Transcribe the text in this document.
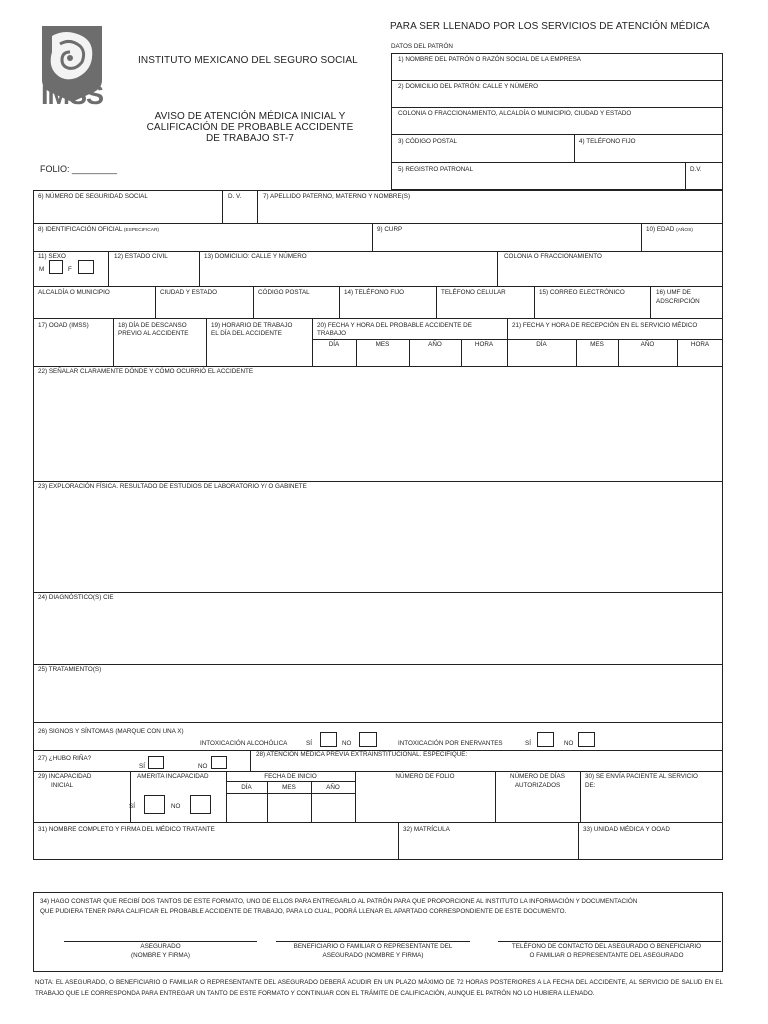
IMSS
INSTITUTO MEXICANO DEL SEGURO SOCIAL
AVISO DE ATENCIÓN MÉDICA INICIAL Y
CALIFICACIÓN DE PROBABLE ACCIDENTE
DE TRABAJO ST-7
FOLIO: _________
PARA SER LLENADO POR LOS SERVICIOS DE ATENCIÓN MÉDICA
DATOS DEL PATRÓN
1) NOMBRE DEL PATRÓN O RAZÓN SOCIAL DE LA EMPRESA
2) DOMICILIO DEL PATRÓN: CALLE Y NÚMERO
COLONIA O FRACCIONAMIENTO, ALCALDÍA O MUNICIPIO, CIUDAD Y ESTADO
3) CÓDIGO POSTAL	4) TELÉFONO FIJO
5) REGISTRO PATRONAL	D.V.
6) NÚMERO DE SEGURIDAD SOCIAL	D. V.	7) APELLIDO PATERNO, MATERNO Y NOMBRE(S)
8) IDENTIFICACIÓN OFICIAL (ESPECIFICAR)	9) CURP	10) EDAD (AÑOS)
11) SEXO
M	F
12) ESTADO CIVIL	13) DOMICILIO: CALLE Y NÚMERO	COLONIA O FRACCIONAMIENTO
ALCALDÍA O MUNICIPIO	CIUDAD Y ESTADO	CÓDIGO POSTAL	14) TELÉFONO FIJO	TELÉFONO CELULAR	15) CORREO ELECTRÓNICO	16) UMF DE
ADSCRIPCIÓN
17) OOAD (IMSS)	18) DÍA DE DESCANSO
PREVIO AL ACCIDENTE
19) HORARIO DE TRABAJO
EL DÍA DEL ACCIDENTE
20) FECHA Y HORA DEL PROBABLE ACCIDENTE DE
TRABAJO
21) FECHA Y HORA DE RECEPCIÓN EN EL SERVICIO MÉDICO
DÍA	MES	AÑO	HORA	DÍA	MES	AÑO	HORA
22) SEÑALAR CLARAMENTE DÓNDE Y CÓMO OCURRIÓ EL ACCIDENTE
23) EXPLORACIÓN FÍSICA. RESULTADO DE ESTUDIOS DE LABORATORIO Y/ O GABINETE
24) DIAGNÓSTICO(S) CIE
25) TRATAMIENTO(S)
26) SIGNOS Y SÍNTOMAS (MARQUE CON UNA X)
INTOXICACIÓN ALCOHÓLICA	SÍ	NO	INTOXICACIÓN POR ENERVANTES	SÍ	NO
27) ¿HUBO RIÑA?
SÍ	NO
28) ATENCIÓN MÉDICA PREVIA EXTRAINSTITUCIONAL. ESPECIFIQUE:
29) INCAPACIDAD
INICIAL
AMERITA INCAPACIDAD
SÍ	NO
FECHA DE INICIO
DÍA	MES	AÑO
NÚMERO DE FOLIO	NÚMERO DE DÍAS
AUTORIZADOS
30) SE ENVÍA PACIENTE AL SERVICIO
DE:
31) NOMBRE COMPLETO Y FIRMA DEL MÉDICO TRATANTE	32) MATRÍCULA	33) UNIDAD MÉDICA Y OOAD
34) HAGO CONSTAR QUE RECIBÍ DOS TANTOS DE ESTE FORMATO, UNO DE ELLOS PARA ENTREGARLO AL PATRÓN PARA QUE PROPORCIONE AL INSTITUTO LA INFORMACIÓN Y DOCUMENTACIÓN
QUE PUDIERA TENER PARA CALIFICAR EL PROBABLE ACCIDENTE DE TRABAJO, PARA LO CUAL, PODRÁ LLENAR EL APARTADO CORRESPONDIENTE DE ESTE DOCUMENTO.
ASEGURADO
(NOMBRE Y FIRMA)
BENEFICIARIO O FAMILIAR O REPRESENTANTE DEL
ASEGURADO (NOMBRE Y FIRMA)
TELÉFONO DE CONTACTO DEL ASEGURADO O BENEFICIARIO
O FAMILIAR O REPRESENTANTE DEL ASEGURADO
NOTA: EL ASEGURADO, O BENEFICIARIO O FAMILIAR O REPRESENTANTE DEL ASEGURADO DEBERÁ ACUDIR EN UN PLAZO MÁXIMO DE 72 HORAS POSTERIORES A LA FECHA DEL ACCIDENTE, AL SERVICIO DE SALUD EN EL TRABAJO QUE LE CORRESPONDA PARA ENTREGAR UN TANTO DE ESTE FORMATO Y CONTINUAR CON EL TRÁMITE DE CALIFICACIÓN, AUNQUE EL PATRÓN NO LO HUBIERA LLENADO.
